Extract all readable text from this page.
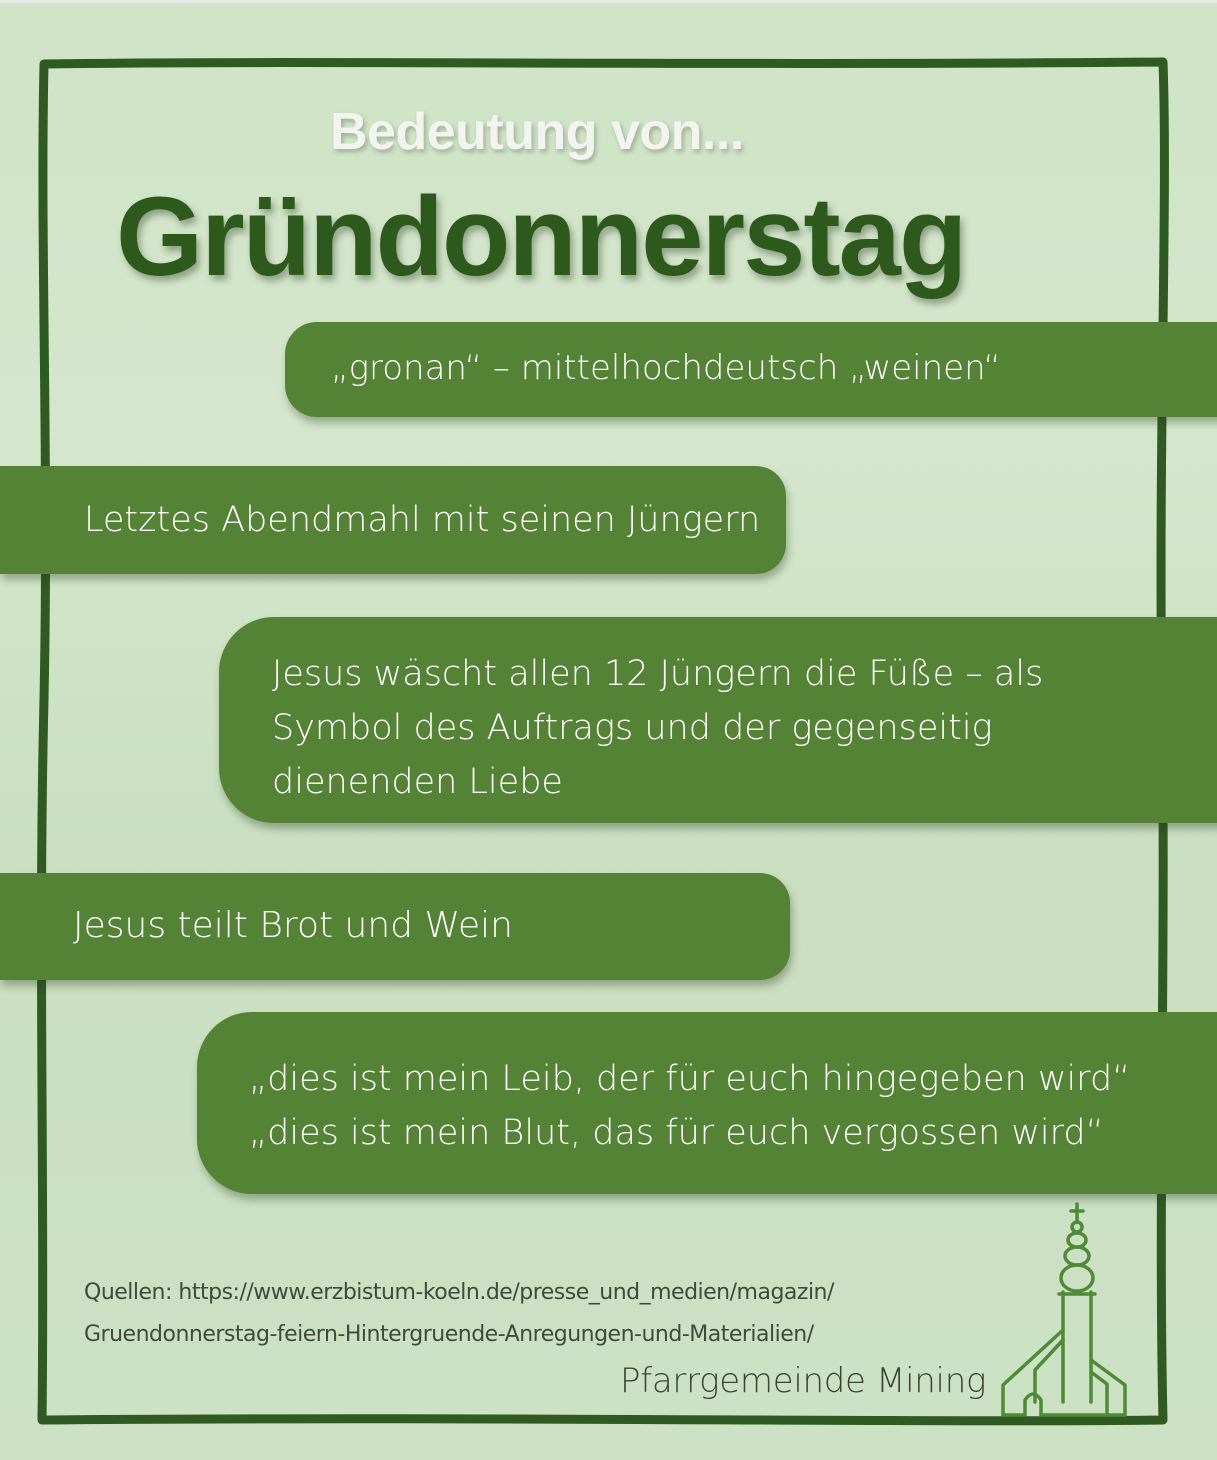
Bedeutung von...
Gründonnerstag
„gronan“ – mittelhochdeutsch „weinen“
Letztes Abendmahl mit seinen Jüngern
Jesus wäscht allen 12 Jüngern die Füße – als
Symbol des Auftrags und der gegenseitig
dienenden Liebe
Jesus teilt Brot und Wein
„dies ist mein Leib, der für euch hingegeben wird“
„dies ist mein Blut, das für euch vergossen wird“
Quellen: https://www.erzbistum-koeln.de/presse_und_medien/magazin/
Gruendonnerstag-feiern-Hintergruende-Anregungen-und-Materialien/
Pfarrgemeinde Mining
